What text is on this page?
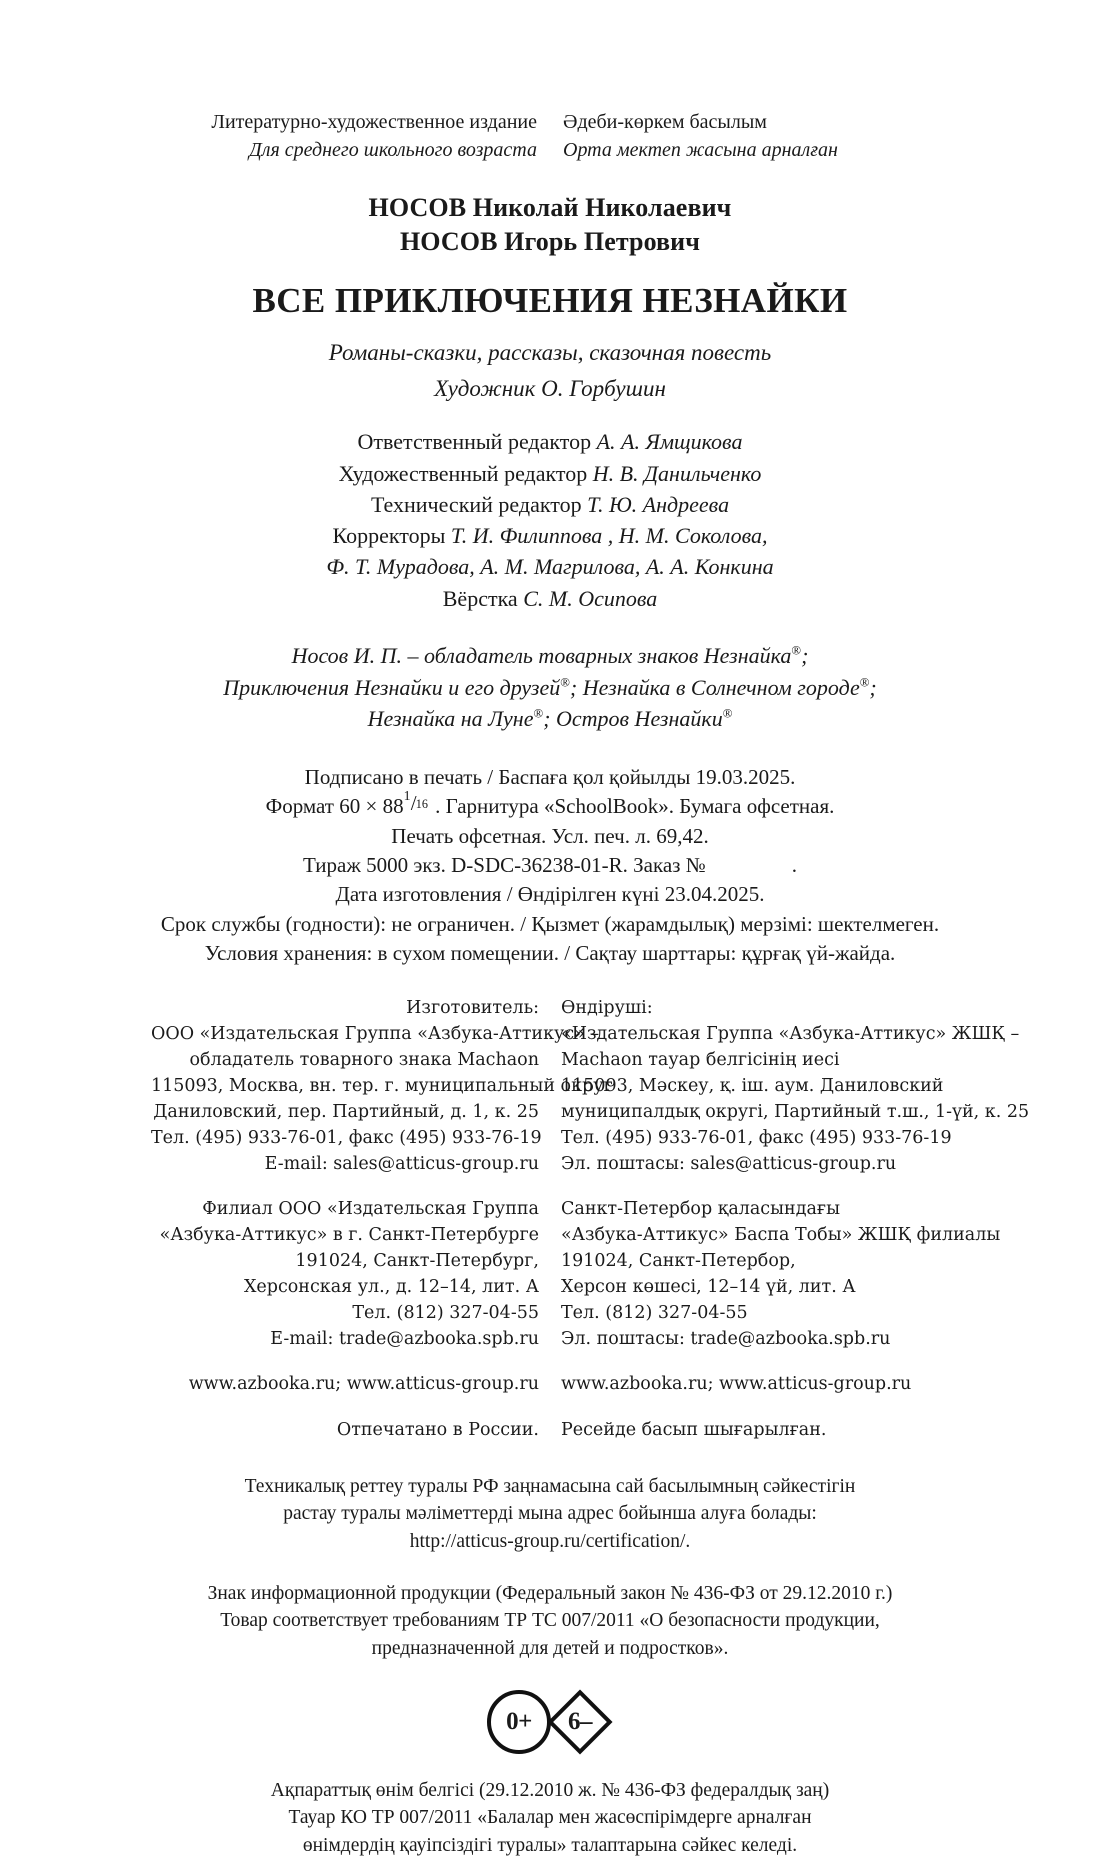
Литературно-художественное издание
Для среднего школьного возраста
Әдеби-көркем басылым
Орта мектеп жасына арналған
НОСОВ Николай Николаевич
НОСОВ Игорь Петрович
ВСЕ ПРИКЛЮЧЕНИЯ НЕЗНАЙКИ
Романы-сказки, рассказы, сказочная повесть
Художник О. Горбушин
Ответственный редактор А. А. Ямщикова
Художественный редактор Н. В. Данильченко
Технический редактор Т. Ю. Андреева
Корректоры Т. И. Филиппова , Н. М. Соколова,
Ф. Т. Мурадова, А. М. Магрилова, А. А. Конкина
Вёрстка С. М. Осипова
Носов И. П. – обладатель товарных знаков Незнайка®;
Приключения Незнайки и его друзей®; Незнайка в Солнечном городе®;
Незнайка на Луне®; Остров Незнайки®
Подписано в печать / Баспаға қол қойылды 19.03.2025.
Формат 60 × 88 1 / 16 . Гарнитура «SchoolBook». Бумага офсетная.
Печать офсетная. Усл. печ. л. 69,42.
Тираж 5000 экз. D-SDC-36238-01-R. Заказ №	.
Дата изготовления / Өндірілген күні 23.04.2025.
Срок службы (годности): не ограничен. / Қызмет (жарамдылық) мерзімі: шектелмеген.
Условия хранения: в сухом помещении. / Сақтау шарттары: құрғақ үй-жайда.
Изготовитель:
ООО «Издательская Группа «Азбука-Аттикус» –
обладатель товарного знака Machaon
115093, Москва, вн. тер. г. муниципальный округ
Даниловский, пер. Партийный, д. 1, к. 25
Тел. (495) 933-76-01, факс (495) 933-76-19
E-mail: sales@atticus-group.ru
Филиал ООО «Издательская Группа
«Азбука-Аттикус» в г. Санкт-Петербурге
191024, Санкт-Петербург,
Херсонская ул., д. 12–14, лит. А
Тел. (812) 327-04-55
E-mail: trade@azbooka.spb.ru
www.azbooka.ru; www.atticus-group.ru
Отпечатано в России.
Өндіруші:
«Издательская Группа «Азбука-Аттикус» ЖШҚ –
Machaon тауар белгісінің иесі
115093, Мәскеу, қ. іш. аум. Даниловский
муниципалдық округі, Партийный т.ш., 1-үй, к. 25
Тел. (495) 933-76-01, факс (495) 933-76-19
Эл. поштасы: sales@atticus-group.ru
Санкт-Петербор қаласындағы
«Азбука-Аттикус» Баспа Тобы» ЖШҚ филиалы
191024, Санкт-Петербор,
Херсон көшесі, 12–14 үй, лит. А
Тел. (812) 327-04-55
Эл. поштасы: trade@azbooka.spb.ru
www.azbooka.ru; www.atticus-group.ru
Ресейде басып шығарылған.
Техникалық реттеу туралы РФ заңнамасына сай басылымның сәйкестігін
растау туралы мәліметтерді мына адрес бойынша алуға болады:
http://atticus-group.ru/certification/.
Знак информационной продукции (Федеральный закон № 436-ФЗ от 29.12.2010 г.)
Товар соответствует требованиям ТР ТС 007/2011 «О безопасности продукции,
предназначенной для детей и подростков».
0+	6–
Ақпараттық өнім белгісі (29.12.2010 ж. № 436-ФЗ федералдық заң)
Тауар КО ТР 007/2011 «Балалар мен жасөспірімдерге арналған
өнімдердің қауіпсіздігі туралы» талаптарына сәйкес келеді.
